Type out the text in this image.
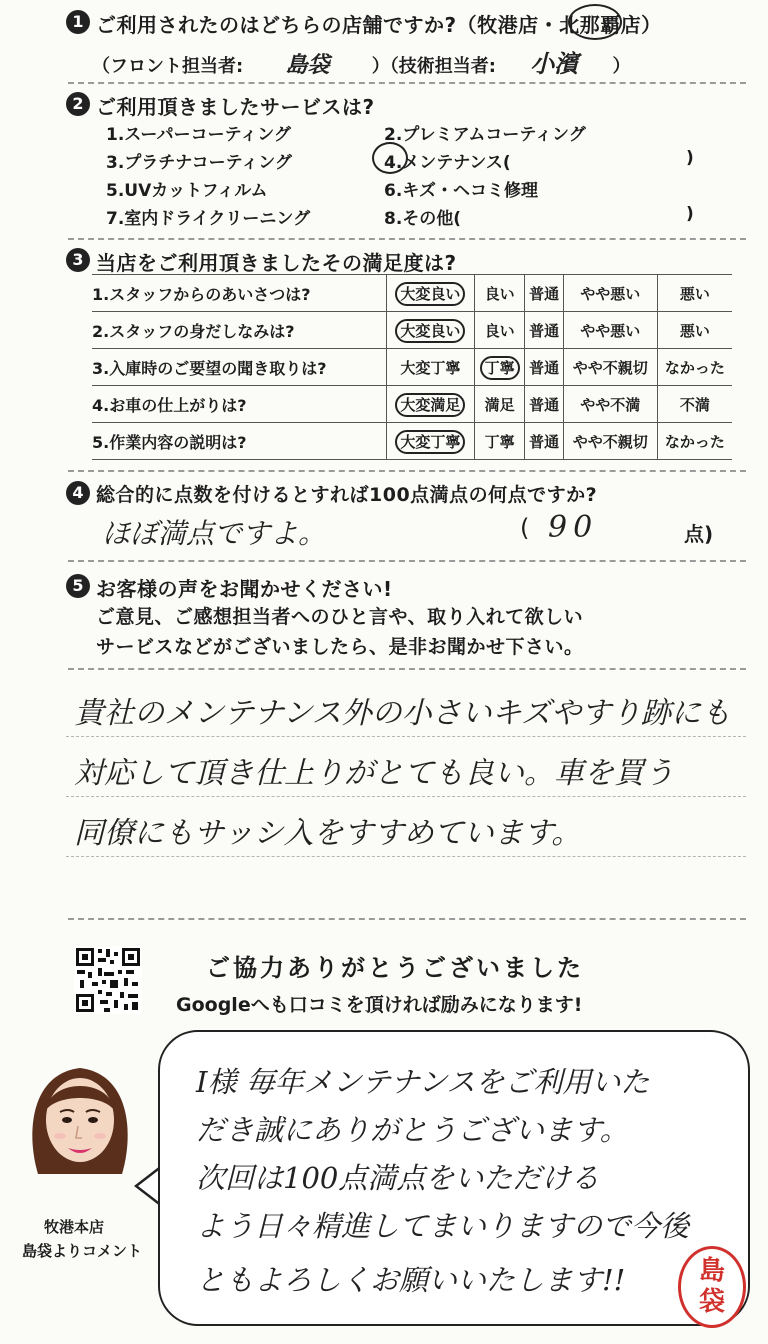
1 ご利用されたのはどちらの店舗ですか?（牧港店・北那覇店）
（フロント担当者: 島袋 ）（技術担当者: 小濱 ）
2 ご利用頂きましたサービスは?
1.スーパーコーティング	2.プレミアムコーティング
3.プラチナコーティング	4.メンテナンス(	)
5.UVカットフィルム	6.キズ・ヘコミ修理
7.室内ドライクリーニング	8.その他(	)
3 当店をご利用頂きましたその満足度は?
1.スタッフからのあいさつは?	大変良い	良い	普通	やや悪い	悪い
2.スタッフの身だしなみは?	大変良い	良い	普通	やや悪い	悪い
3.入庫時のご要望の聞き取りは?	大変丁寧	丁寧	普通	やや不親切	なかった
4.お車の仕上がりは?	大変満足	満足	普通	やや不満	不満
5.作業内容の説明は?	大変丁寧	丁寧	普通	やや不親切	なかった
4 総合的に点数を付けるとすれば100点満点の何点ですか?
ほぼ満点ですよ。	( 90	点)
5 お客様の声をお聞かせください!
ご意見、ご感想担当者へのひと言や、取り入れて欲しい
サービスなどがございましたら、是非お聞かせ下さい。
貴社のメンテナンス外の小さいキズやすり跡にも
対応して頂き仕上りがとても良い。車を買う
同僚にもサッシ入をすすめています。
ご協力ありがとうございました
Googleへも口コミを頂ければ励みになります!
牧港本店
島袋よりコメント
I様 毎年メンテナンスをご利用いた
だき誠にありがとうございます。
次回は100点満点をいただける
よう日々精進してまいりますので今後
ともよろしくお願いいたします!!	島
袋
